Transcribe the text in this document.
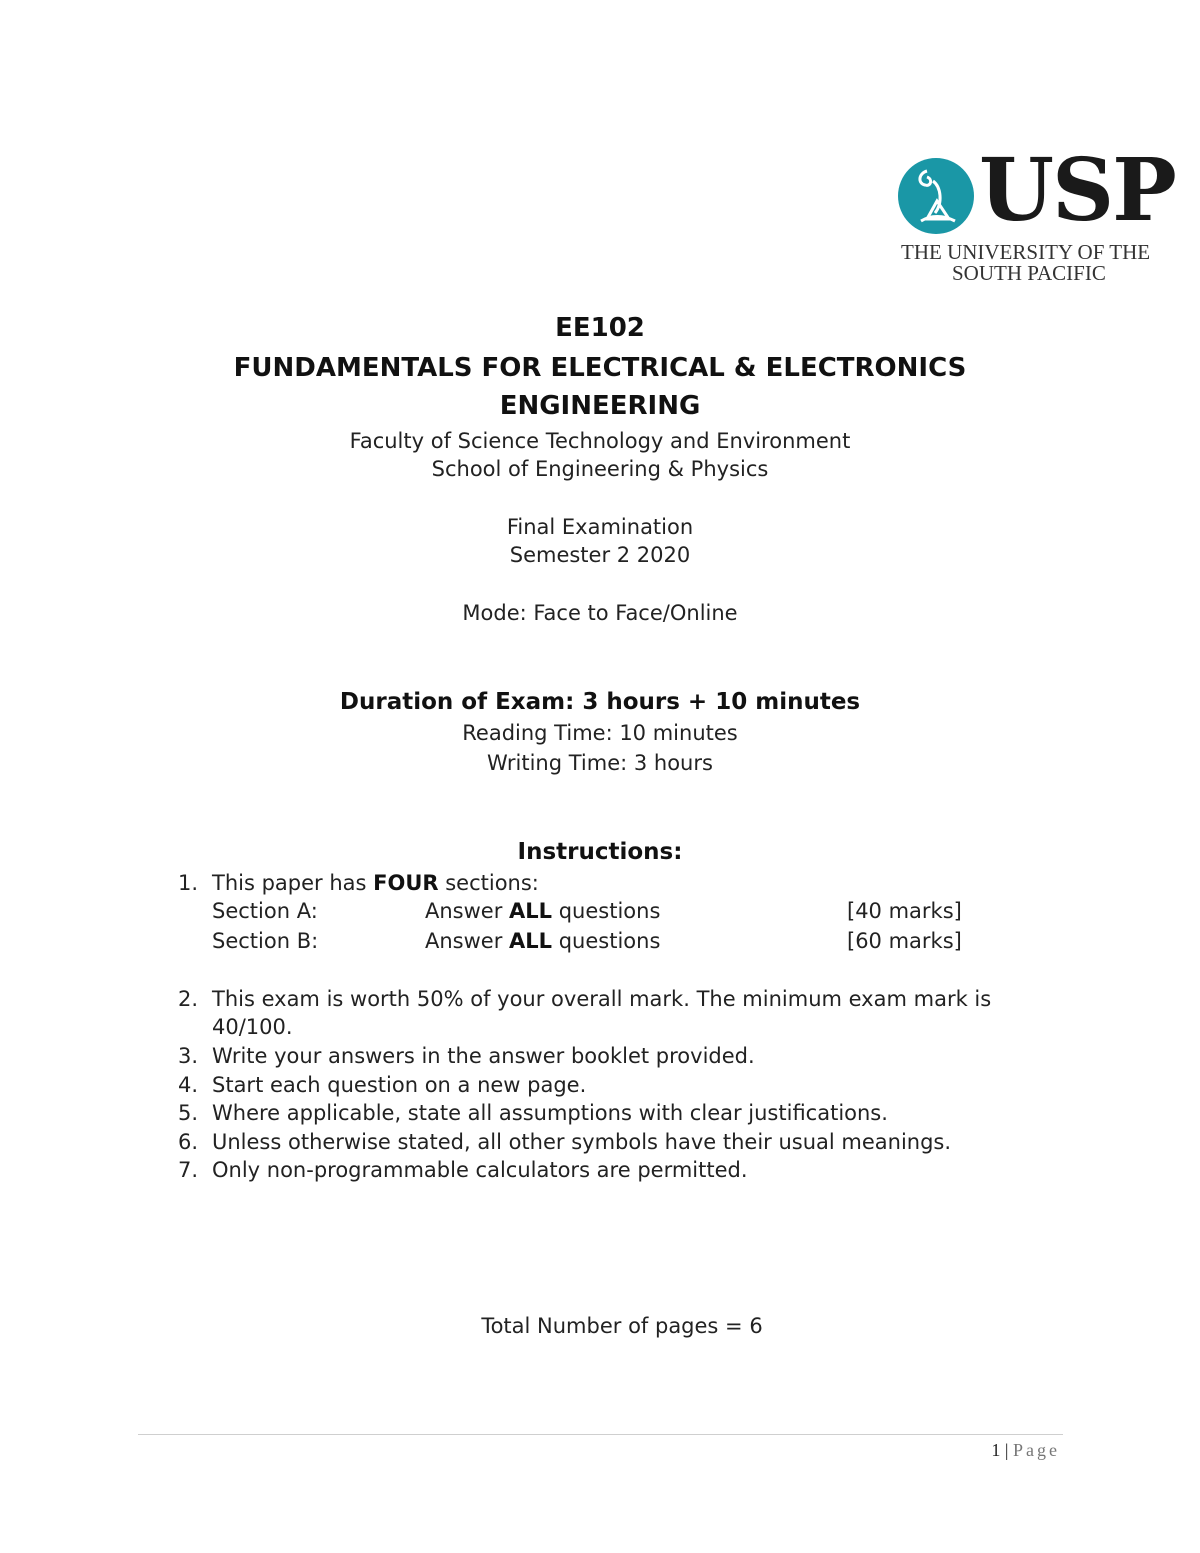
USP
THE UNIVERSITY OF THE
SOUTH PACIFIC
EE102
FUNDAMENTALS FOR ELECTRICAL & ELECTRONICS
ENGINEERING
Faculty of Science Technology and Environment
School of Engineering & Physics
Final Examination
Semester 2 2020
Mode: Face to Face/Online
Duration of Exam: 3 hours + 10 minutes
Reading Time: 10 minutes
Writing Time: 3 hours
Instructions:
1. This paper has FOUR sections:
Section A:	Answer ALL questions	[40 marks]
Section B:	Answer ALL questions	[60 marks]
2. This exam is worth 50% of your overall mark. The minimum exam mark is
40/100.
3. Write your answers in the answer booklet provided.
4. Start each question on a new page.
5. Where applicable, state all assumptions with clear justifications.
6. Unless otherwise stated, all other symbols have their usual meanings.
7. Only non-programmable calculators are permitted.
Total Number of pages = 6
1 | Page
